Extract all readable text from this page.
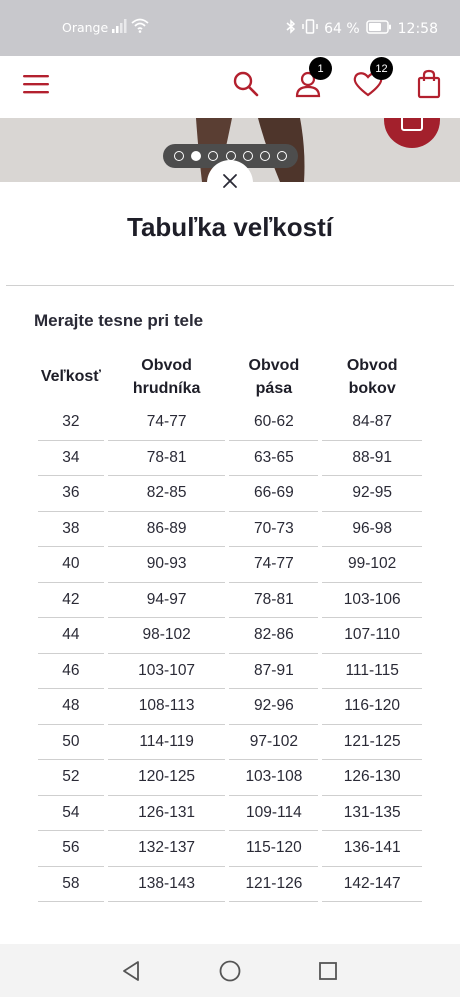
Orange	64 %	12:58
1	12
Tabuľka veľkostí
Merajte tesne pri tele
Veľkosť	Obvod hrudníka	Obvod pása	Obvod bokov
32	74-77	60-62	84-87
34	78-81	63-65	88-91
36	82-85	66-69	92-95
38	86-89	70-73	96-98
40	90-93	74-77	99-102
42	94-97	78-81	103-106
44	98-102	82-86	107-110
46	103-107	87-91	111-115
48	108-113	92-96	116-120
50	114-119	97-102	121-125
52	120-125	103-108	126-130
54	126-131	109-114	131-135
56	132-137	115-120	136-141
58	138-143	121-126	142-147
